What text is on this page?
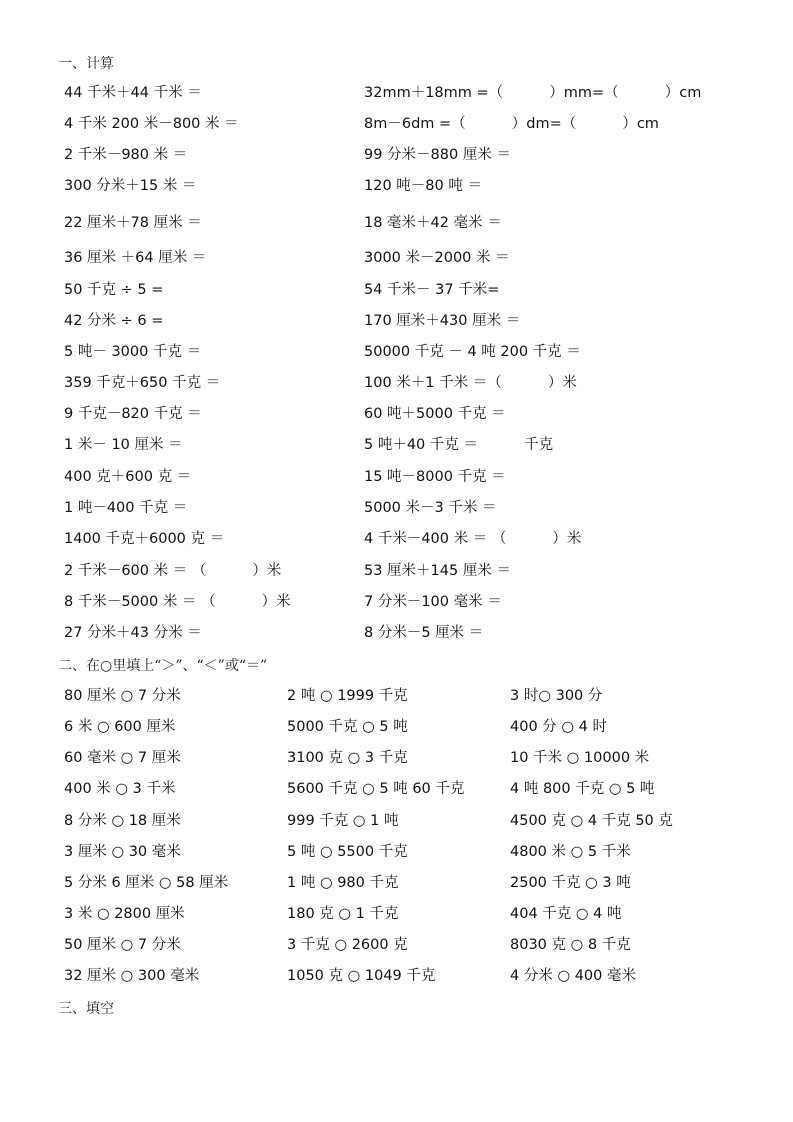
一、计算
44 千米＋44 千米 ＝	32mm＋18mm =（          ）mm=（          ）cm
4 千米 200 米－800 米 ＝	8m－6dm =（          ）dm=（          ）cm
2 千米－980 米 ＝	99 分米－880 厘米 ＝
300 分米＋15 米 ＝	120 吨－80 吨 ＝
22 厘米＋78 厘米 ＝	18 毫米＋42 毫米 ＝
36 厘米 ＋64 厘米 ＝	3000 米－2000 米 ＝
50 千克 ÷ 5 =	54 千米－ 37 千米=
42 分米 ÷ 6 =	170 厘米＋430 厘米 ＝
5 吨－ 3000 千克 ＝	50000 千克 － 4 吨 200 千克 ＝
359 千克＋650 千克 ＝	100 米＋1 千米 ＝（          ）米
9 千克－820 千克 ＝	60 吨＋5000 千克 ＝
1 米－ 10 厘米 ＝	5 吨＋40 千克 ＝          千克
400 克＋600 克 ＝	15 吨－8000 千克 ＝
1 吨－400 千克 ＝	5000 米－3 千米 ＝
1400 千克＋6000 克 ＝	4 千米－400 米 ＝ （          ）米
2 千米－600 米 ＝ （          ）米	53 厘米＋145 厘米 ＝
8 千米－5000 米 ＝ （          ）米	7 分米－100 毫米 ＝
27 分米＋43 分米 ＝	8 分米－5 厘米 ＝
二、在○里填上“＞”、“＜”或“＝”
80 厘米 ○ 7 分米	2 吨 ○ 1999 千克	3 时○ 300 分
6 米 ○ 600 厘米	5000 千克 ○ 5 吨	400 分 ○ 4 时
60 毫米 ○ 7 厘米	3100 克 ○ 3 千克	10 千米 ○ 10000 米
400 米 ○ 3 千米	5600 千克 ○ 5 吨 60 千克	4 吨 800 千克 ○ 5 吨
8 分米 ○ 18 厘米	999 千克 ○ 1 吨	4500 克 ○ 4 千克 50 克
3 厘米 ○ 30 毫米	5 吨 ○ 5500 千克	4800 米 ○ 5 千米
5 分米 6 厘米 ○ 58 厘米	1 吨 ○ 980 千克	2500 千克 ○ 3 吨
3 米 ○ 2800 厘米	180 克 ○ 1 千克	404 千克 ○ 4 吨
50 厘米 ○ 7 分米	3 千克 ○ 2600 克	8030 克 ○ 8 千克
32 厘米 ○ 300 毫米	1050 克 ○ 1049 千克	4 分米 ○ 400 毫米
三、填空
